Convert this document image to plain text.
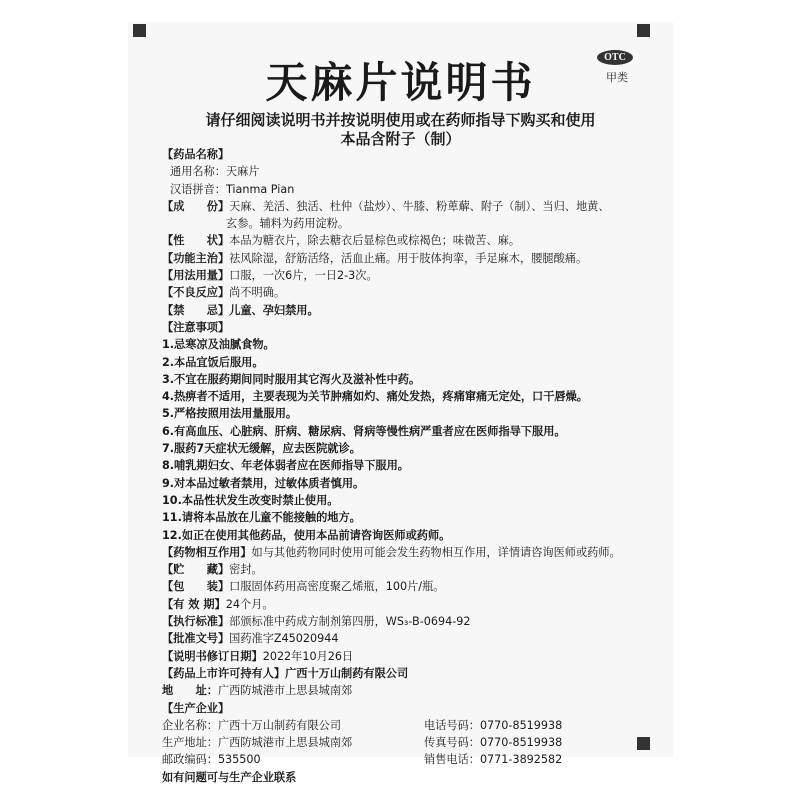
OTC
甲类
天麻片说明书
请仔细阅读说明书并按说明使用或在药师指导下购买和使用
本品含附子（制）
【药品名称】
通用名称：天麻片
汉语拼音：Tianma Pian
【成　　份】天麻、羌活、独活、杜仲（盐炒）、牛膝、粉萆薢、附子（制）、当归、地黄、
玄参。辅料为药用淀粉。
【性　　状】本品为糖衣片，除去糖衣后显棕色或棕褐色；味微苦、麻。
【功能主治】祛风除湿，舒筋活络，活血止痛。用于肢体拘挛，手足麻木，腰腿酸痛。
【用法用量】口服，一次6片，一日2-3次。
【不良反应】尚不明确。
【禁　　忌】儿童、孕妇禁用。
【注意事项】
1.忌寒凉及油腻食物。
2.本品宜饭后服用。
3.不宜在服药期间同时服用其它泻火及滋补性中药。
4.热痹者不适用，主要表现为关节肿痛如灼、痛处发热，疼痛窜痛无定处，口干唇燥。
5.严格按照用法用量服用。
6.有高血压、心脏病、肝病、糖尿病、肾病等慢性病严重者应在医师指导下服用。
7.服药7天症状无缓解，应去医院就诊。
8.哺乳期妇女、年老体弱者应在医师指导下服用。
9.对本品过敏者禁用，过敏体质者慎用。
10.本品性状发生改变时禁止使用。
11.请将本品放在儿童不能接触的地方。
12.如正在使用其他药品，使用本品前请咨询医师或药师。
【药物相互作用】如与其他药物同时使用可能会发生药物相互作用，详情请咨询医师或药师。
【贮　　藏】密封。
【包　　装】口服固体药用高密度聚乙烯瓶，100片/瓶。
【有 效 期】24个月。
【执行标准】部颁标准中药成方制剂第四册，WS₃-B-0694-92
【批准文号】国药准字Z45020944
【说明书修订日期】2022年10月26日
【药品上市许可持有人】广西十万山制药有限公司
地　　址：广西防城港市上思县城南郊
【生产企业】
企业名称：广西十万山制药有限公司	电话号码：0770-8519938
生产地址：广西防城港市上思县城南郊	传真号码：0770-8519938
邮政编码：535500	销售电话：0771-3892582
如有问题可与生产企业联系
